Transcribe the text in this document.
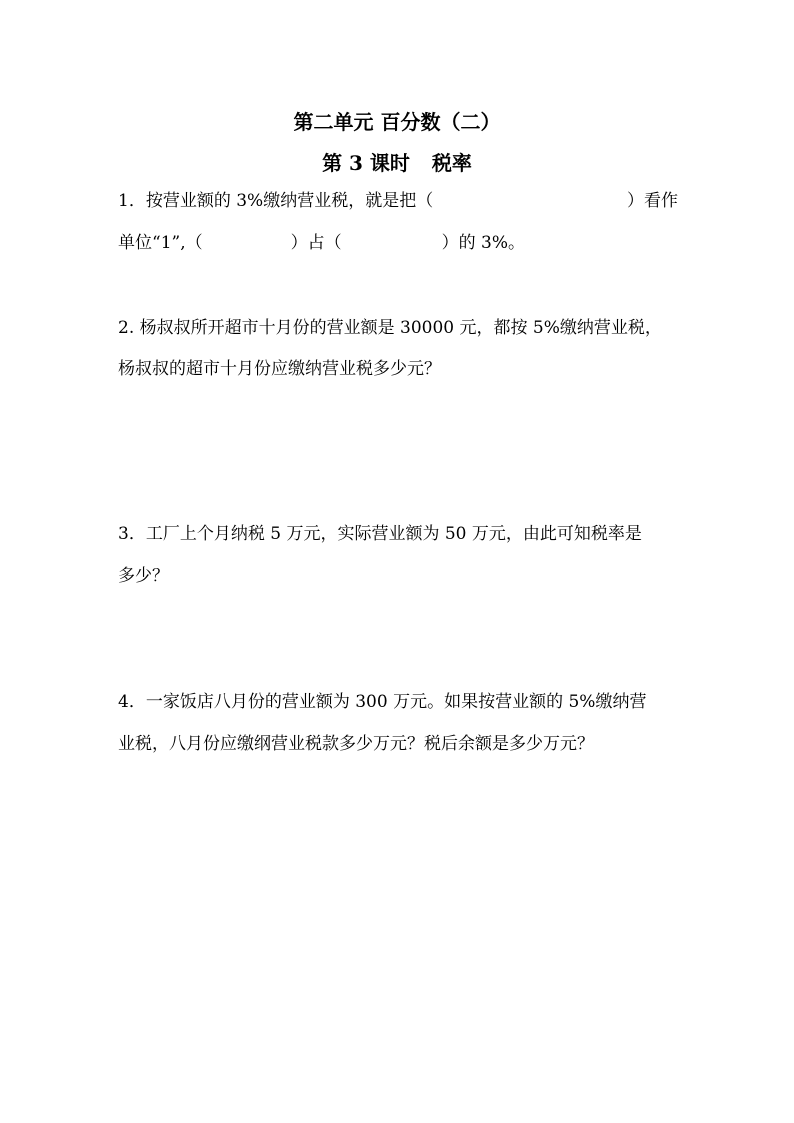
第二单元 百分数（二）
第 3 课时 税率
1．按营业额的 3%缴纳营业税，就是把（	）看作
单位“1”,（	）占（	）的 3%。
2. 杨叔叔所开超市十月份的营业额是 30000 元，都按 5%缴纳营业税，
杨叔叔的超市十月份应缴纳营业税多少元？
3．工厂上个月纳税 5 万元，实际营业额为 50 万元，由此可知税率是
多少？
4．一家饭店八月份的营业额为 300 万元。如果按营业额的 5%缴纳营
业税，八月份应缴纲营业税款多少万元？税后余额是多少万元？
